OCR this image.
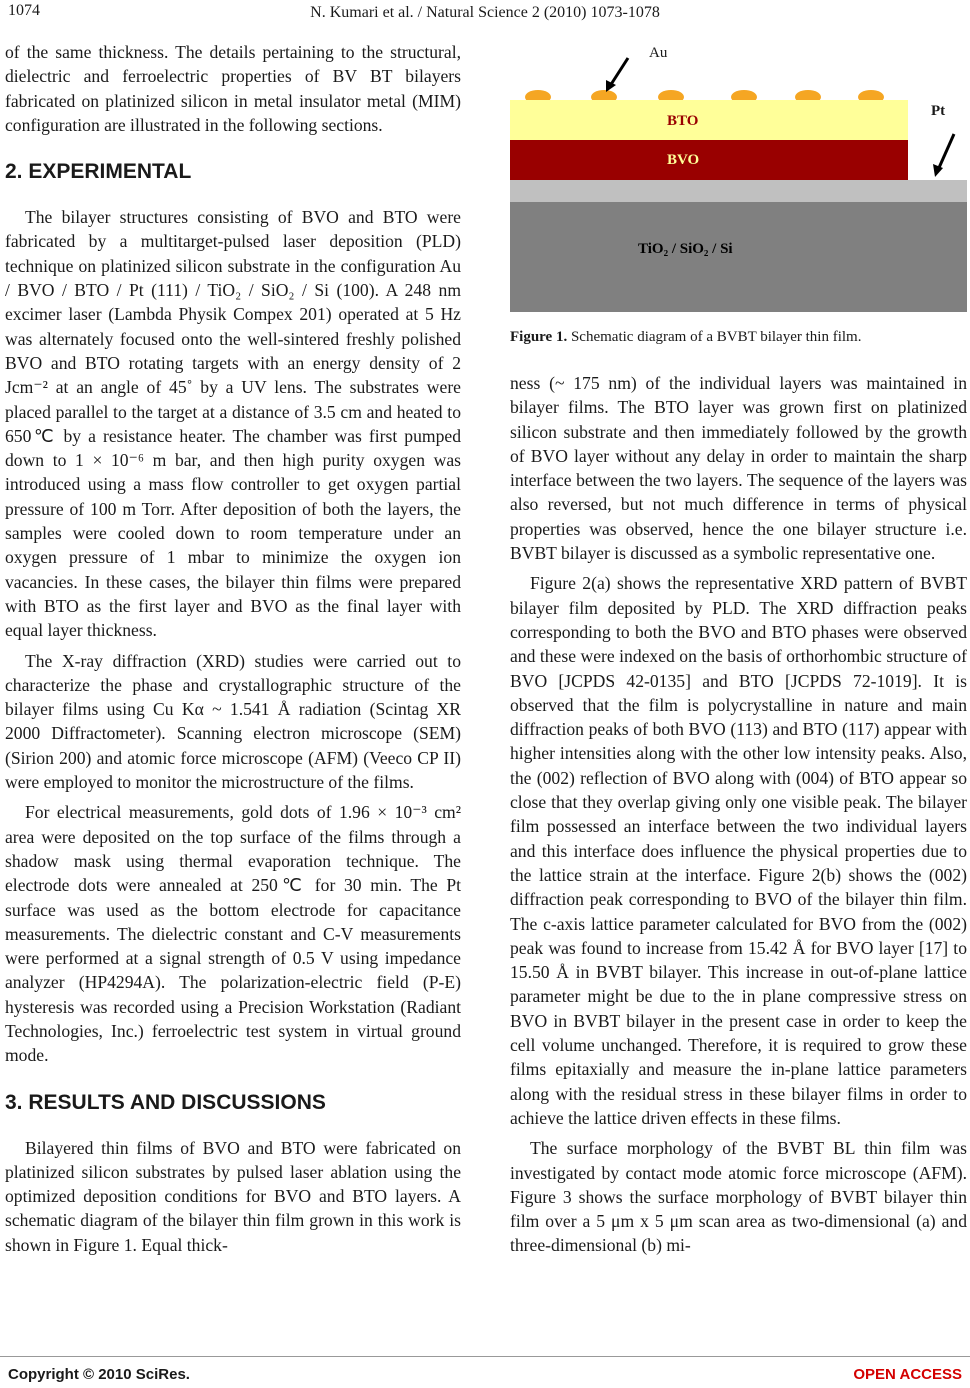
1074	N. Kumari et al. / Natural Science 2 (2010) 1073-1078

of the same thickness. The details pertaining to the structural, dielectric and ferroelectric properties of BV BT bilayers fabricated on platinized silicon in metal insulator metal (MIM) configuration are illustrated in the following sections.

2. EXPERIMENTAL

The bilayer structures consisting of BVO and BTO were fabricated by a multitarget-pulsed laser deposition (PLD) technique on platinized silicon substrate in the configuration Au / BVO / BTO / Pt (111) / TiO₂ / SiO₂ / Si (100). A 248 nm excimer laser (Lambda Physik Compex 201) operated at 5 Hz was alternately focused onto the well-sintered freshly polished BVO and BTO rotating targets with an energy density of 2 Jcm⁻² at an angle of 45˚ by a UV lens. The substrates were placed parallel to the target at a distance of 3.5 cm and heated to 650℃ by a resistance heater. The chamber was first pumped down to 1 × 10⁻⁶ m bar, and then high purity oxygen was introduced using a mass flow controller to get oxygen partial pressure of 100 m Torr. After deposition of both the layers, the samples were cooled down to room temperature under an oxygen pressure of 1 mbar to minimize the oxygen ion vacancies. In these cases, the bilayer thin films were prepared with BTO as the first layer and BVO as the final layer with equal layer thickness.

The X-ray diffraction (XRD) studies were carried out to characterize the phase and crystallographic structure of the bilayer films using Cu Kα ~ 1.541 Å radiation (Scintag XR 2000 Diffractometer). Scanning electron microscope (SEM) (Sirion 200) and atomic force microscope (AFM) (Veeco CP II) were employed to monitor the microstructure of the films.

For electrical measurements, gold dots of 1.96 × 10⁻³ cm² area were deposited on the top surface of the films through a shadow mask using thermal evaporation technique. The electrode dots were annealed at 250℃ for 30 min. The Pt surface was used as the bottom electrode for capacitance measurements. The dielectric constant and C-V measurements were performed at a signal strength of 0.5 V using impedance analyzer (HP4294A). The polarization-electric field (P-E) hysteresis was recorded using a Precision Workstation (Radiant Technologies, Inc.) ferroelectric test system in virtual ground mode.

3. RESULTS AND DISCUSSIONS

Bilayered thin films of BVO and BTO were fabricated on platinized silicon substrates by pulsed laser ablation using the optimized deposition conditions for BVO and BTO layers. A schematic diagram of the bilayer thin film grown in this work is shown in Figure 1. Equal thick-

Au
Pt
BTO
BVO
TiO₂ / SiO₂ / Si
Figure 1. Schematic diagram of a BVBT bilayer thin film.

ness (~ 175 nm) of the individual layers was maintained in bilayer films. The BTO layer was grown first on platinized silicon substrate and then immediately followed by the growth of BVO layer without any delay in order to maintain the sharp interface between the two layers. The sequence of the layers was also reversed, but not much difference in terms of physical properties was observed, hence the one bilayer structure i.e. BVBT bilayer is discussed as a symbolic representative one.

Figure 2(a) shows the representative XRD pattern of BVBT bilayer film deposited by PLD. The XRD diffraction peaks corresponding to both the BVO and BTO phases were observed and these were indexed on the basis of orthorhombic structure of BVO [JCPDS 42-0135] and BTO [JCPDS 72-1019]. It is observed that the film is polycrystalline in nature and main diffraction peaks of both BVO (113) and BTO (117) appear with higher intensities along with the other low intensity peaks. Also, the (002) reflection of BVO along with (004) of BTO appear so close that they overlap giving only one visible peak. The bilayer film possessed an interface between the two individual layers and this interface does influence the physical properties due to the lattice strain at the interface. Figure 2(b) shows the (002) diffraction peak corresponding to BVO of the bilayer thin film. The c-axis lattice parameter calculated for BVO from the (002) peak was found to increase from 15.42 Å for BVO layer [17] to 15.50 Å in BVBT bilayer. This increase in out-of-plane lattice parameter might be due to the in plane compressive stress on BVO in BVBT bilayer in the present case in order to keep the cell volume unchanged. Therefore, it is required to grow these films epitaxially and measure the in-plane lattice parameters along with the residual stress in these bilayer films in order to achieve the lattice driven effects in these films.

The surface morphology of the BVBT BL thin film was investigated by contact mode atomic force microscope (AFM). Figure 3 shows the surface morphology of BVBT bilayer thin film over a 5 μm x 5 μm scan area as two-dimensional (a) and three-dimensional (b) mi-

Copyright © 2010 SciRes.	OPEN ACCESS
